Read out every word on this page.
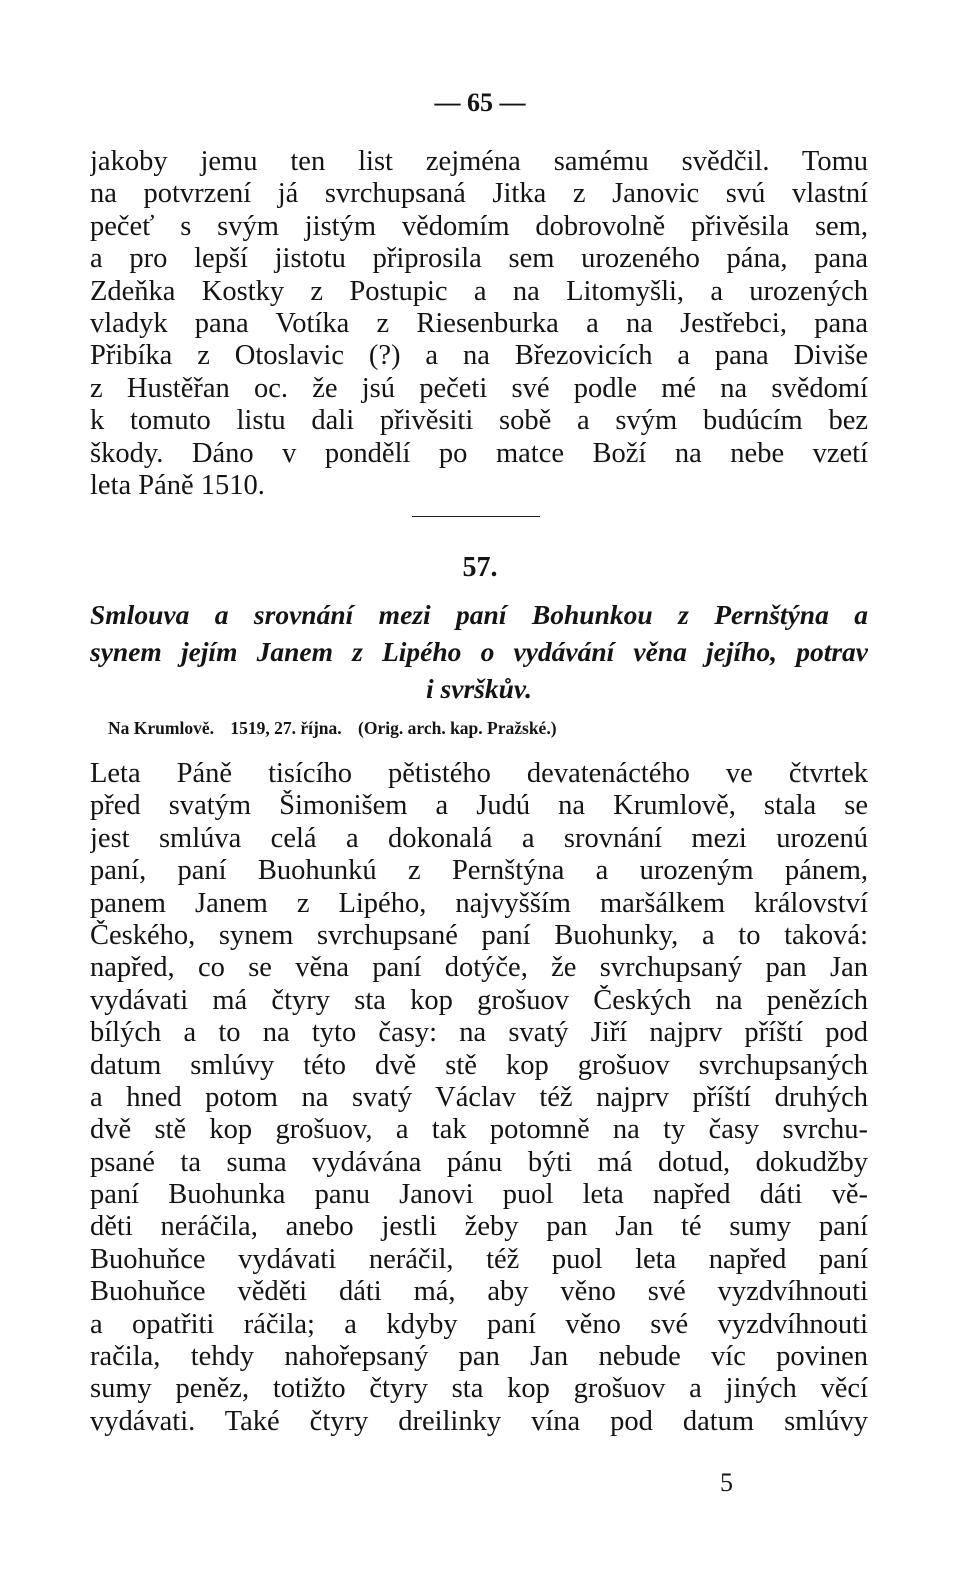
— 65 —
jakoby jemu ten list zejména samému svědčil. Tomu
na potvrzení já svrchupsaná Jitka z Janovic svú vlastní
pečeť s svým jistým vědomím dobrovolně přivěsila sem,
a pro lepší jistotu připrosila sem urozeného pána, pana
Zdeňka Kostky z Postupic a na Litomyšli, a urozených
vladyk pana Votíka z Riesenburka a na Jestřebci, pana
Přibíka z Otoslavic (?) a na Březovicích a pana Diviše
z Hustěřan oc. že jsú pečeti své podle mé na svědomí
k tomuto listu dali přivěsiti sobě a svým budúcím bez
škody. Dáno v pondělí po matce Boží na nebe vzetí
leta Páně 1510.
57.
Smlouva a srovnání mezi paní Bohunkou z Pernštýna a
synem jejím Janem z Lipého o vydávání věna jejího, potrav
i svrškův.
Na Krumlově. 1519, 27. října. (Orig. arch. kap. Pražské.)
Leta Páně tisícího pětistého devatenáctého ve čtvrtek
před svatým Šimonišem a Judú na Krumlově, stala se
jest smlúva celá a dokonalá a srovnání mezi urozenú
paní, paní Buohunkú z Pernštýna a urozeným pánem,
panem Janem z Lipého, najvyšším maršálkem království
Českého, synem svrchupsané paní Buohunky, a to taková:
napřed, co se věna paní dotýče, že svrchupsaný pan Jan
vydávati má čtyry sta kop grošuov Českých na penězích
bílých a to na tyto časy: na svatý Jiří najprv příští pod
datum smlúvy této dvě stě kop grošuov svrchupsaných
a hned potom na svatý Václav též najprv příští druhých
dvě stě kop grošuov, a tak potomně na ty časy svrchu-
psané ta suma vydávána pánu býti má dotud, dokudžby
paní Buohunka panu Janovi puol leta napřed dáti vě-
děti neráčila, anebo jestli žeby pan Jan té sumy paní
Buohuňce vydávati neráčil, též puol leta napřed paní
Buohuňce věděti dáti má, aby věno své vyzdvíhnouti
a opatřiti ráčila; a kdyby paní věno své vyzdvíhnouti
račila, tehdy nahořepsaný pan Jan nebude víc povinen
sumy peněz, totižto čtyry sta kop grošuov a jiných věcí
vydávati. Také čtyry dreilinky vína pod datum smlúvy
5
